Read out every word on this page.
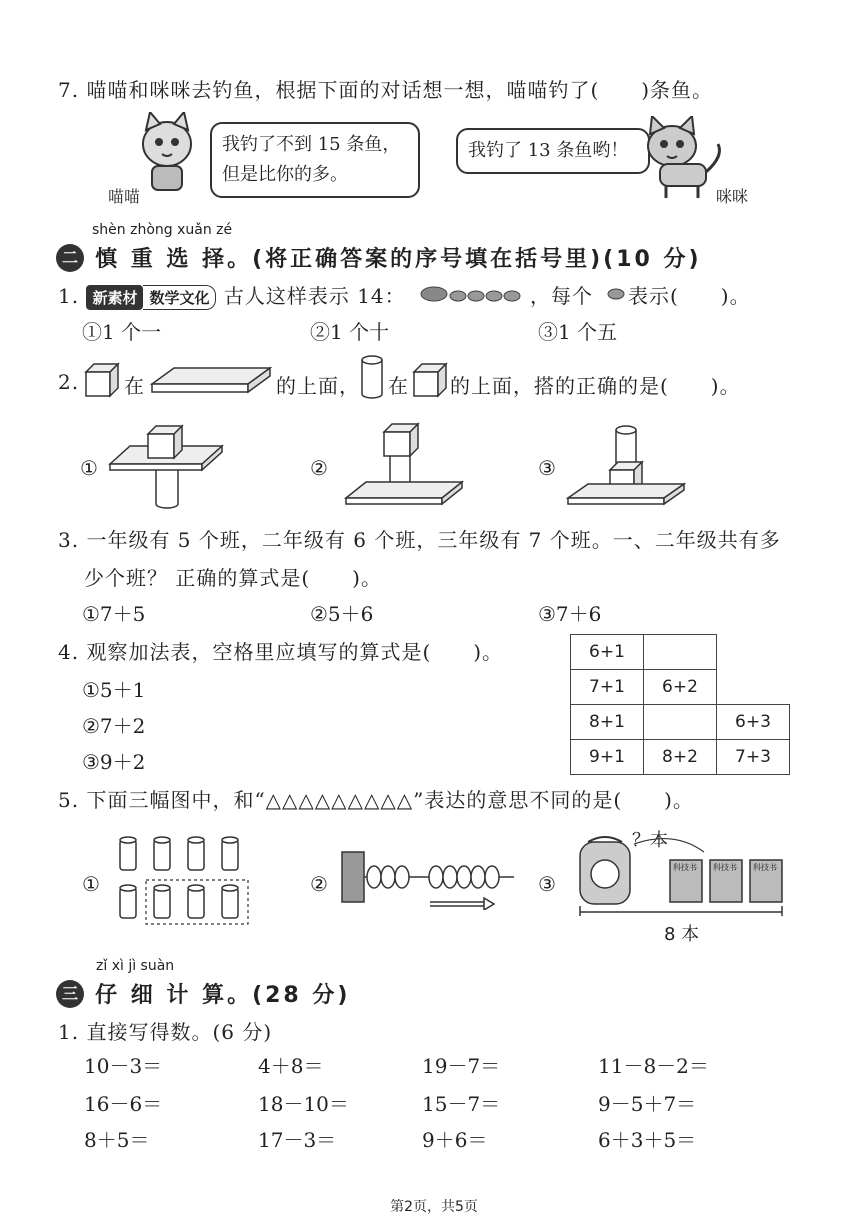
7. 喵喵和咪咪去钓鱼，根据下面的对话想一想，喵喵钓了(　　)条鱼。
喵喵
我钓了不到 15 条鱼，
但是比你的多。
我钓了 13 条鱼哟！
咪咪
shèn zhòng xuǎn zé
二 慎 重 选 择。(将正确答案的序号填在括号里)(10 分)
1. 新素材 数学文化 古人这样表示 14：	，每个 表示(　　)。
①1 个一	②1 个十	③1 个五
2. 在	的上面， 在 的上面，搭的正确的是(　　)。
①	②	③
3. 一年级有 5 个班，二年级有 6 个班，三年级有 7 个班。一、二年级共有多
少个班？ 正确的算式是(　　)。
①7＋5	②5＋6	③7＋6
4. 观察加法表，空格里应填写的算式是(　　)。
①5＋1
②7＋2
③9＋2
6+1		
7+1	6+2	
8+1		6+3
9+1	8+2	7+3
5. 下面三幅图中，和“△△△△△△△△△”表达的意思不同的是(　　)。
①	②	③
？本
科技书 科技书 科技书
8 本
zǐ xì jì suàn
三 仔 细 计 算。(28 分)
1. 直接写得数。(6 分)
10－3＝	4＋8＝	19－7＝	11－8－2＝
16－6＝	18－10＝	15－7＝	9－5＋7＝
8＋5＝	17－3＝	9＋6＝	6＋3＋5＝
第2页，共5页
